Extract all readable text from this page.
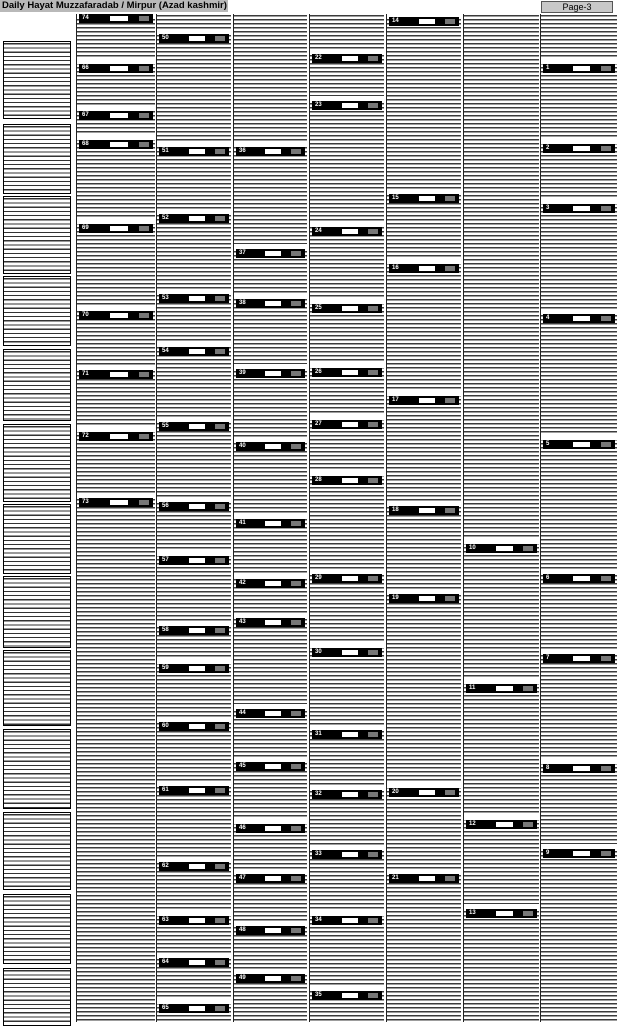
Daily Hayat Muzzafaradab / Mirpur (Azad kashmir)	Page-3
74
66
67
68
69
70
71
72
73
50
51
52
53
54
55
56
57
58
59
60
61
62
63
64
65
36
37
38
39
40
41
42
43
44
45
46
47
48
49
22
23
24
25
26
27
28
29
30
31
32
33
34
35
14
15
16
17
18
19
20
21
10
11
12
13
1
2
3
4
5
6
7
8
9
